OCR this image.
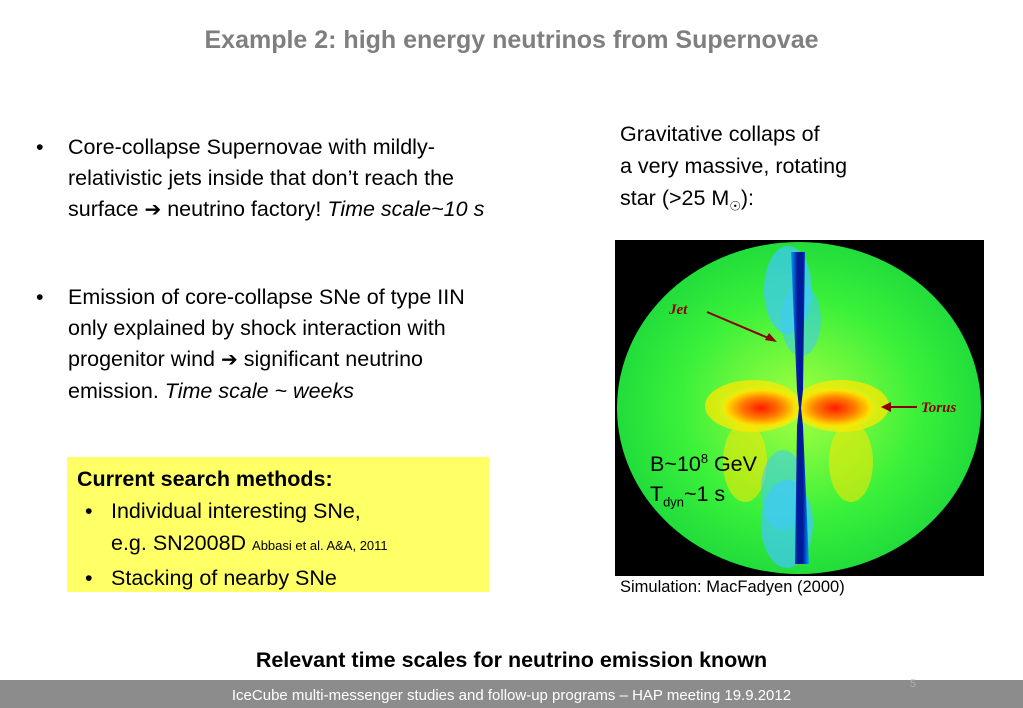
Example 2: high energy neutrinos from Supernovae
• Core-collapse Supernovae with mildly-
relativistic jets inside that don’t reach the
surface ➔ neutrino factory! Time scale~10 s
• Emission of core-collapse SNe of type IIN
only explained by shock interaction with
progenitor wind ➔ significant neutrino
emission. Time scale ~ weeks
Current search methods:
• Individual interesting SNe,
e.g. SN2008D Abbasi et al. A&A, 2011
• Stacking of nearby SNe
Gravitative collaps of
a very massive, rotating
star (>25 $M_☉$):
Jet
Torus
$B\sim 10^8$ GeV
$T_{dyn}\sim 1$ s
Simulation: MacFadyen (2000)
Relevant time scales for neutrino emission known
IceCube multi-messenger studies and follow-up programs – HAP meeting 19.9.2012
5
